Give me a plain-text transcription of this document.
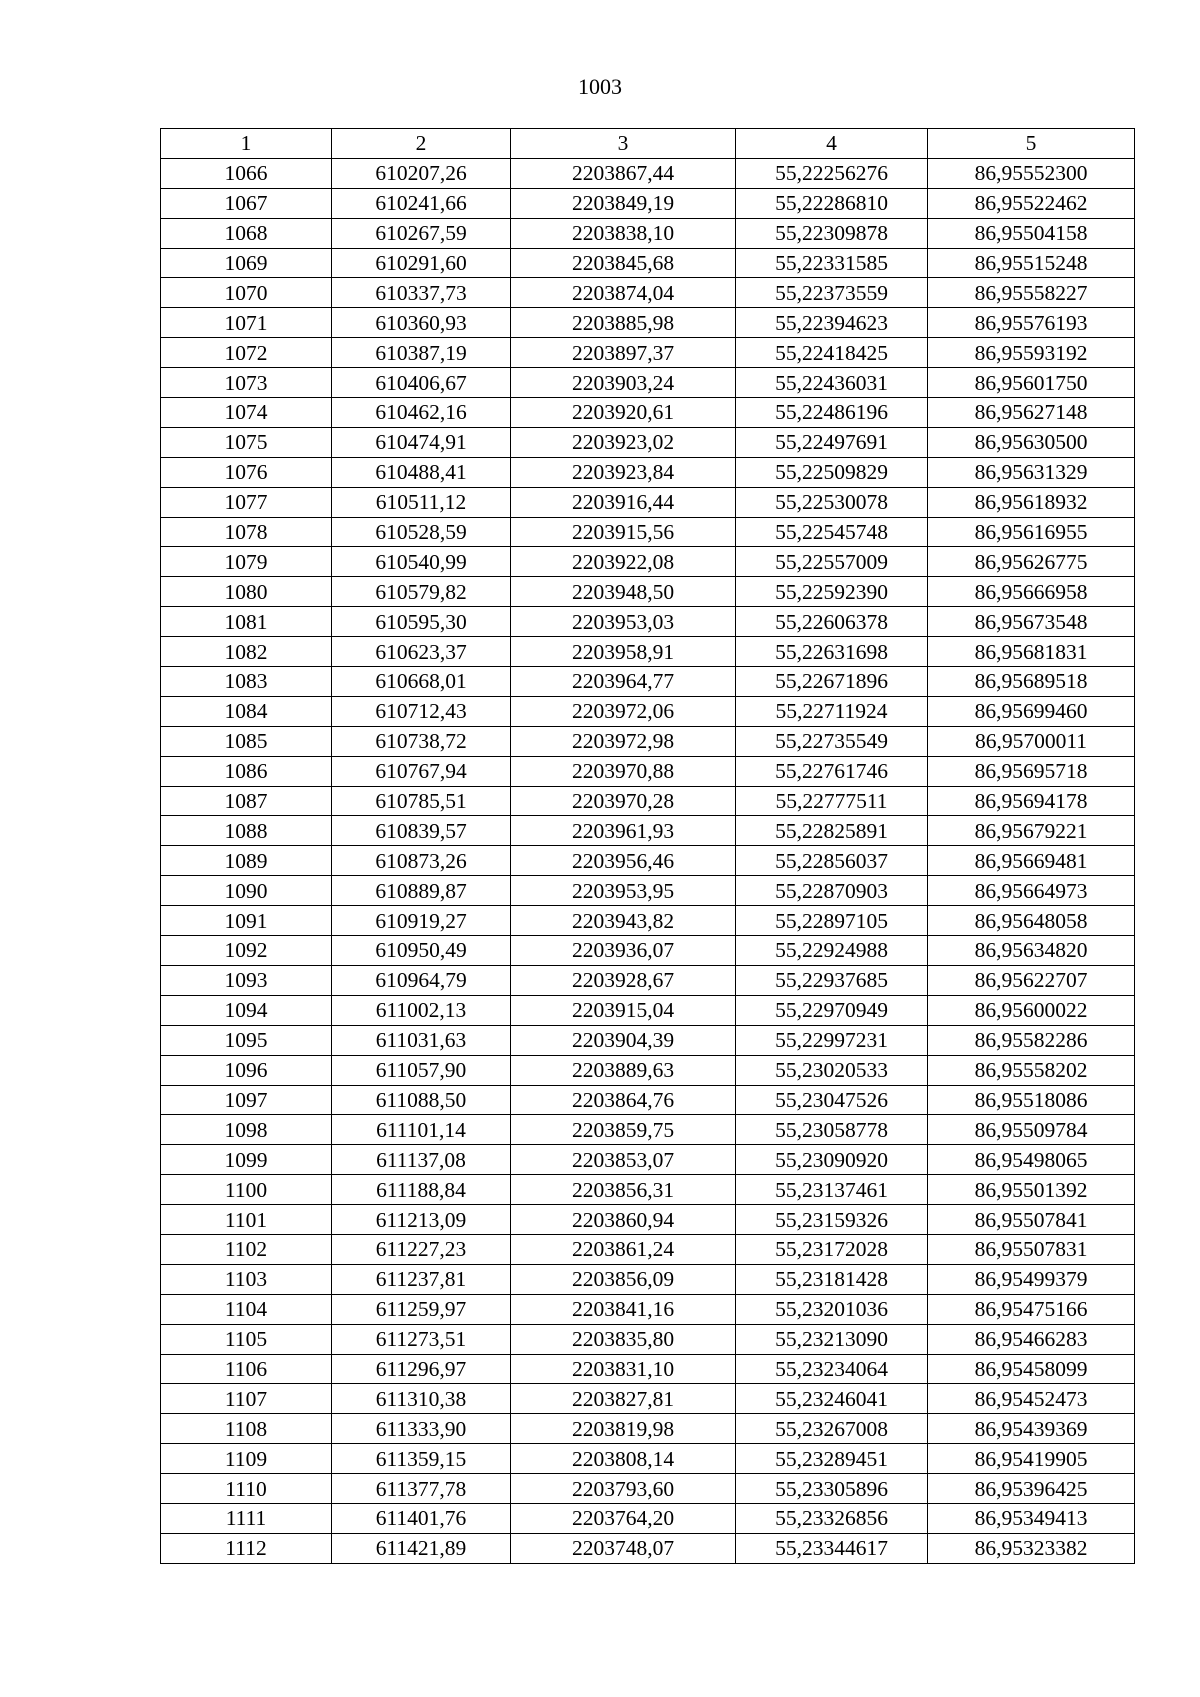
1003
1	2	3	4	5
1066	610207,26	2203867,44	55,22256276	86,95552300
1067	610241,66	2203849,19	55,22286810	86,95522462
1068	610267,59	2203838,10	55,22309878	86,95504158
1069	610291,60	2203845,68	55,22331585	86,95515248
1070	610337,73	2203874,04	55,22373559	86,95558227
1071	610360,93	2203885,98	55,22394623	86,95576193
1072	610387,19	2203897,37	55,22418425	86,95593192
1073	610406,67	2203903,24	55,22436031	86,95601750
1074	610462,16	2203920,61	55,22486196	86,95627148
1075	610474,91	2203923,02	55,22497691	86,95630500
1076	610488,41	2203923,84	55,22509829	86,95631329
1077	610511,12	2203916,44	55,22530078	86,95618932
1078	610528,59	2203915,56	55,22545748	86,95616955
1079	610540,99	2203922,08	55,22557009	86,95626775
1080	610579,82	2203948,50	55,22592390	86,95666958
1081	610595,30	2203953,03	55,22606378	86,95673548
1082	610623,37	2203958,91	55,22631698	86,95681831
1083	610668,01	2203964,77	55,22671896	86,95689518
1084	610712,43	2203972,06	55,22711924	86,95699460
1085	610738,72	2203972,98	55,22735549	86,95700011
1086	610767,94	2203970,88	55,22761746	86,95695718
1087	610785,51	2203970,28	55,22777511	86,95694178
1088	610839,57	2203961,93	55,22825891	86,95679221
1089	610873,26	2203956,46	55,22856037	86,95669481
1090	610889,87	2203953,95	55,22870903	86,95664973
1091	610919,27	2203943,82	55,22897105	86,95648058
1092	610950,49	2203936,07	55,22924988	86,95634820
1093	610964,79	2203928,67	55,22937685	86,95622707
1094	611002,13	2203915,04	55,22970949	86,95600022
1095	611031,63	2203904,39	55,22997231	86,95582286
1096	611057,90	2203889,63	55,23020533	86,95558202
1097	611088,50	2203864,76	55,23047526	86,95518086
1098	611101,14	2203859,75	55,23058778	86,95509784
1099	611137,08	2203853,07	55,23090920	86,95498065
1100	611188,84	2203856,31	55,23137461	86,95501392
1101	611213,09	2203860,94	55,23159326	86,95507841
1102	611227,23	2203861,24	55,23172028	86,95507831
1103	611237,81	2203856,09	55,23181428	86,95499379
1104	611259,97	2203841,16	55,23201036	86,95475166
1105	611273,51	2203835,80	55,23213090	86,95466283
1106	611296,97	2203831,10	55,23234064	86,95458099
1107	611310,38	2203827,81	55,23246041	86,95452473
1108	611333,90	2203819,98	55,23267008	86,95439369
1109	611359,15	2203808,14	55,23289451	86,95419905
1110	611377,78	2203793,60	55,23305896	86,95396425
1111	611401,76	2203764,20	55,23326856	86,95349413
1112	611421,89	2203748,07	55,23344617	86,95323382
